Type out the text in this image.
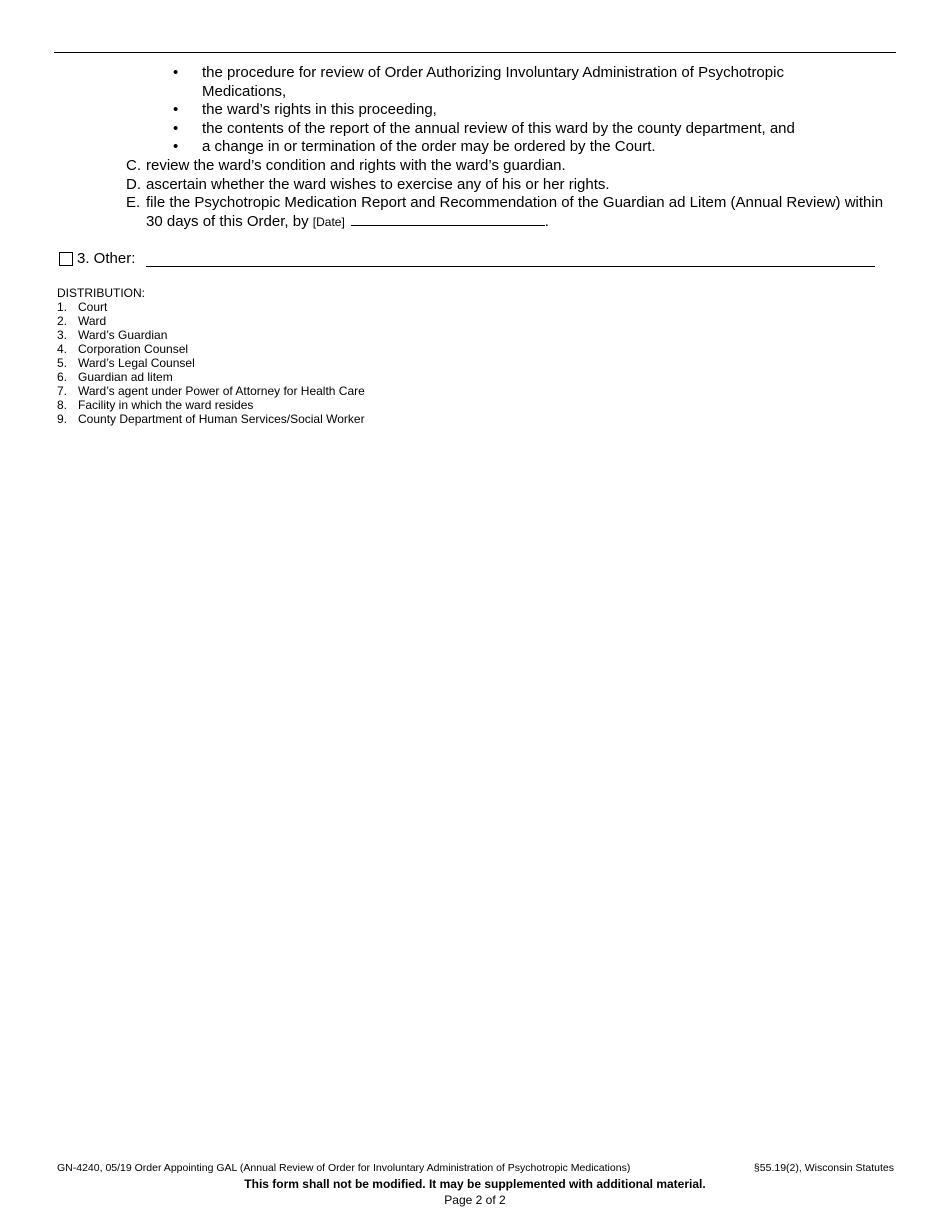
• the procedure for review of Order Authorizing Involuntary Administration of Psychotropic Medications,
• the ward’s rights in this proceeding,
• the contents of the report of the annual review of this ward by the county department, and
• a change in or termination of the order may be ordered by the Court.
C. review the ward’s condition and rights with the ward’s guardian.
D. ascertain whether the ward wishes to exercise any of his or her rights.
E. file the Psychotropic Medication Report and Recommendation of the Guardian ad Litem (Annual Review) within 30 days of this Order, by [Date]	.
3. Other:
DISTRIBUTION:
1. Court
2. Ward
3. Ward’s Guardian
4. Corporation Counsel
5. Ward’s Legal Counsel
6. Guardian ad litem
7. Ward’s agent under Power of Attorney for Health Care
8. Facility in which the ward resides
9. County Department of Human Services/Social Worker
GN-4240, 05/19 Order Appointing GAL (Annual Review of Order for Involuntary Administration of Psychotropic Medications)	§55.19(2), Wisconsin Statutes
This form shall not be modified. It may be supplemented with additional material.
Page 2 of 2
